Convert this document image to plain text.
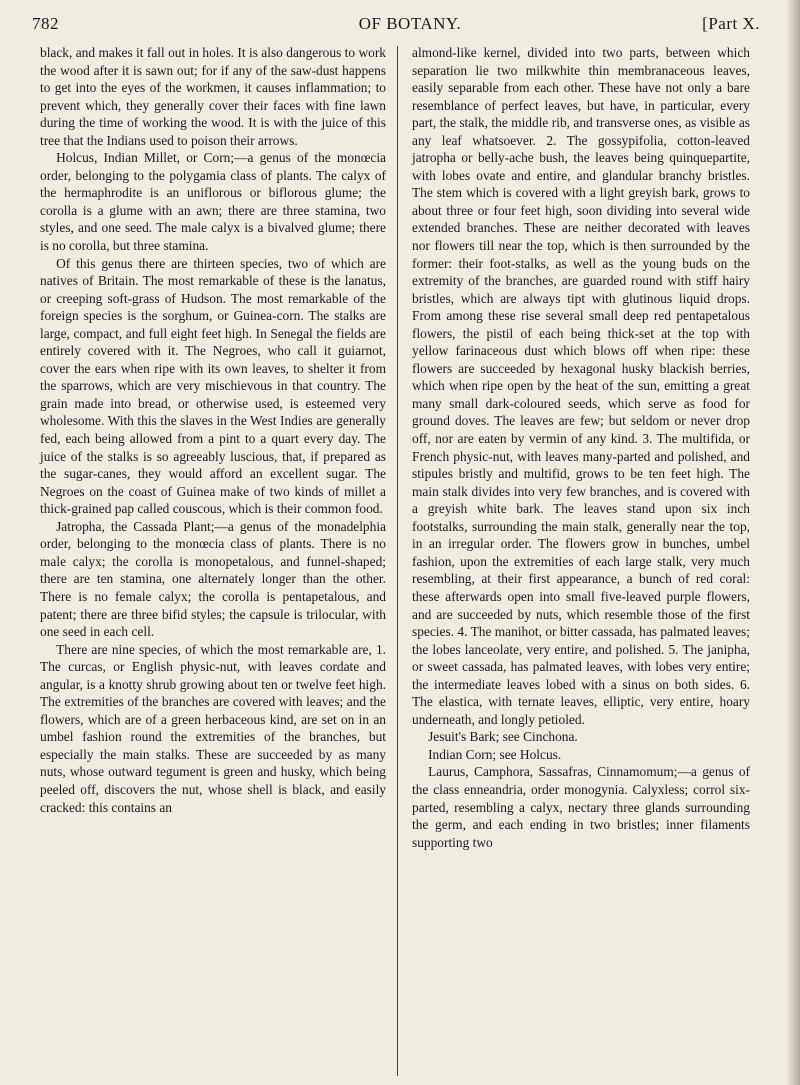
782	OF BOTANY.	[Part X.

black, and makes it fall out in holes. It is also dangerous to work the wood after it is sawn out; for if any of the saw-dust happens to get into the eyes of the workmen, it causes inflammation; to prevent which, they generally cover their faces with fine lawn during the time of working the wood. It is with the juice of this tree that the Indians used to poison their arrows.

Holcus, Indian Millet, or Corn;—a genus of the monœcia order, belonging to the polygamia class of plants. The calyx of the hermaphrodite is an uniflorous or biflorous glume; the corolla is a glume with an awn; there are three stamina, two styles, and one seed. The male calyx is a bivalved glume; there is no corolla, but three stamina.

Of this genus there are thirteen species, two of which are natives of Britain. The most remarkable of these is the lanatus, or creeping soft-grass of Hudson. The most remarkable of the foreign species is the sorghum, or Guinea-corn. The stalks are large, compact, and full eight feet high. In Senegal the fields are entirely covered with it. The Negroes, who call it guiarnot, cover the ears when ripe with its own leaves, to shelter it from the sparrows, which are very mischievous in that country. The grain made into bread, or otherwise used, is esteemed very wholesome. With this the slaves in the West Indies are generally fed, each being allowed from a pint to a quart every day. The juice of the stalks is so agreeably luscious, that, if prepared as the sugar-canes, they would afford an excellent sugar. The Negroes on the coast of Guinea make of two kinds of millet a thick-grained pap called couscous, which is their common food.

Jatropha, the Cassada Plant;—a genus of the monadelphia order, belonging to the monœcia class of plants. There is no male calyx; the corolla is monopetalous, and funnel-shaped; there are ten stamina, one alternately longer than the other. There is no female calyx; the corolla is pentapetalous, and patent; there are three bifid styles; the capsule is trilocular, with one seed in each cell.

There are nine species, of which the most remarkable are, 1. The curcas, or English physic-nut, with leaves cordate and angular, is a knotty shrub growing about ten or twelve feet high. The extremities of the branches are covered with leaves; and the flowers, which are of a green herbaceous kind, are set on in an umbel fashion round the extremities of the branches, but especially the main stalks. These are succeeded by as many nuts, whose outward tegument is green and husky, which being peeled off, discovers the nut, whose shell is black, and easily cracked: this contains an

almond-like kernel, divided into two parts, between which separation lie two milkwhite thin membranaceous leaves, easily separable from each other. These have not only a bare resemblance of perfect leaves, but have, in particular, every part, the stalk, the middle rib, and transverse ones, as visible as any leaf whatsoever. 2. The gossypifolia, cotton-leaved jatropha or belly-ache bush, the leaves being quinquepartite, with lobes ovate and entire, and glandular branchy bristles. The stem which is covered with a light greyish bark, grows to about three or four feet high, soon dividing into several wide extended branches. These are neither decorated with leaves nor flowers till near the top, which is then surrounded by the former: their foot-stalks, as well as the young buds on the extremity of the branches, are guarded round with stiff hairy bristles, which are always tipt with glutinous liquid drops. From among these rise several small deep red pentapetalous flowers, the pistil of each being thick-set at the top with yellow farinaceous dust which blows off when ripe: these flowers are succeeded by hexagonal husky blackish berries, which when ripe open by the heat of the sun, emitting a great many small dark-coloured seeds, which serve as food for ground doves. The leaves are few; but seldom or never drop off, nor are eaten by vermin of any kind. 3. The multifida, or French physic-nut, with leaves many-parted and polished, and stipules bristly and multifid, grows to be ten feet high. The main stalk divides into very few branches, and is covered with a greyish white bark. The leaves stand upon six inch footstalks, surrounding the main stalk, generally near the top, in an irregular order. The flowers grow in bunches, umbel fashion, upon the extremities of each large stalk, very much resembling, at their first appearance, a bunch of red coral: these afterwards open into small five-leaved purple flowers, and are succeeded by nuts, which resemble those of the first species. 4. The manihot, or bitter cassada, has palmated leaves; the lobes lanceolate, very entire, and polished. 5. The janipha, or sweet cassada, has palmated leaves, with lobes very entire; the intermediate leaves lobed with a sinus on both sides. 6. The elastica, with ternate leaves, elliptic, very entire, hoary underneath, and longly petioled.

Jesuit's Bark; see Cinchona.

Indian Corn; see Holcus.

Laurus, Camphora, Sassafras, Cinnamomum;—a genus of the class enneandria, order monogynia. Calyxless; corrol six-parted, resembling a calyx, nectary three glands surrounding the germ, and each ending in two bristles; inner filaments supporting two
